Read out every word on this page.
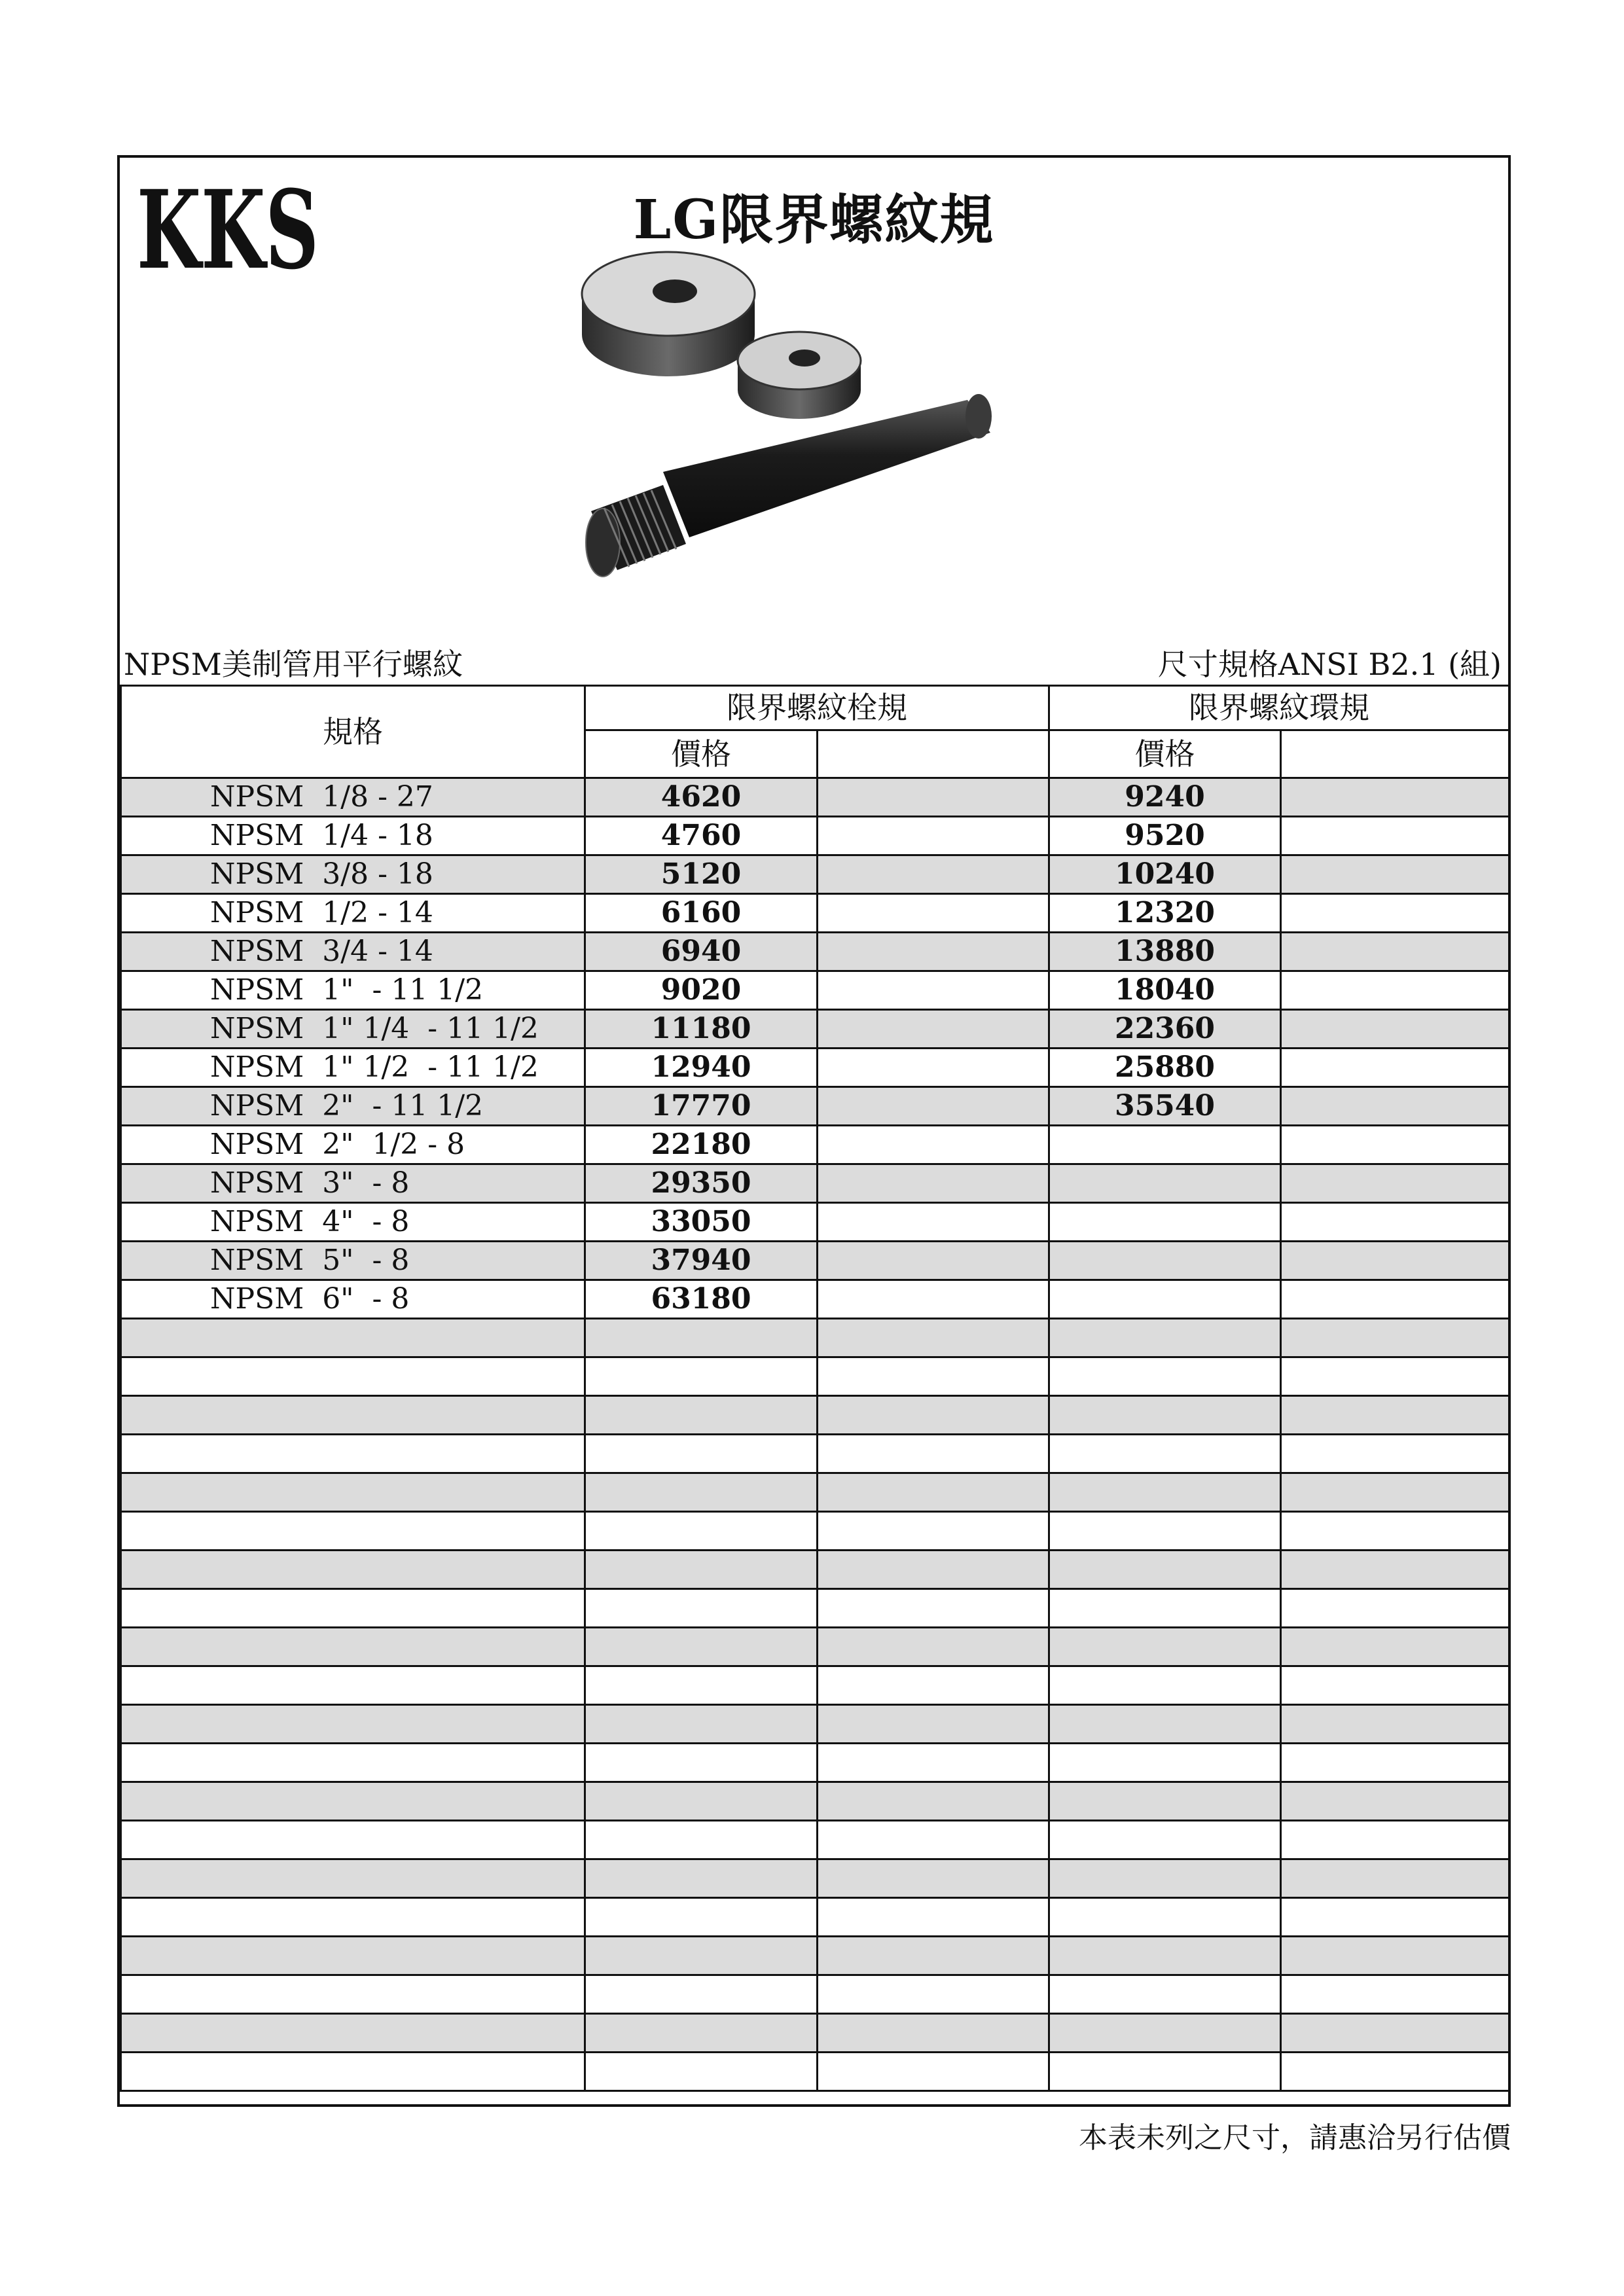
KKS	LG限界螺紋規
NPSM美制管用平行螺紋	尺寸規格ANSI B2.1 (組)
規格	限界螺紋栓規		限界螺紋環規	
	價格		價格	
NPSM  1/8 - 27	4620		9240	
NPSM  1/4 - 18	4760		9520	
NPSM  3/8 - 18	5120		10240	
NPSM  1/2 - 14	6160		12320	
NPSM  3/4 - 14	6940		13880	
NPSM  1"  - 11 1/2	9020		18040	
NPSM  1" 1/4  - 11 1/2	11180		22360	
NPSM  1" 1/2  - 11 1/2	12940		25880	
NPSM  2"  - 11 1/2	17770		35540	
NPSM  2"  1/2 - 8	22180			
NPSM  3"  - 8	29350			
NPSM  4"  - 8	33050			
NPSM  5"  - 8	37940			
NPSM  6"  - 8	63180			

本表未列之尺寸，請惠洽另行估價
